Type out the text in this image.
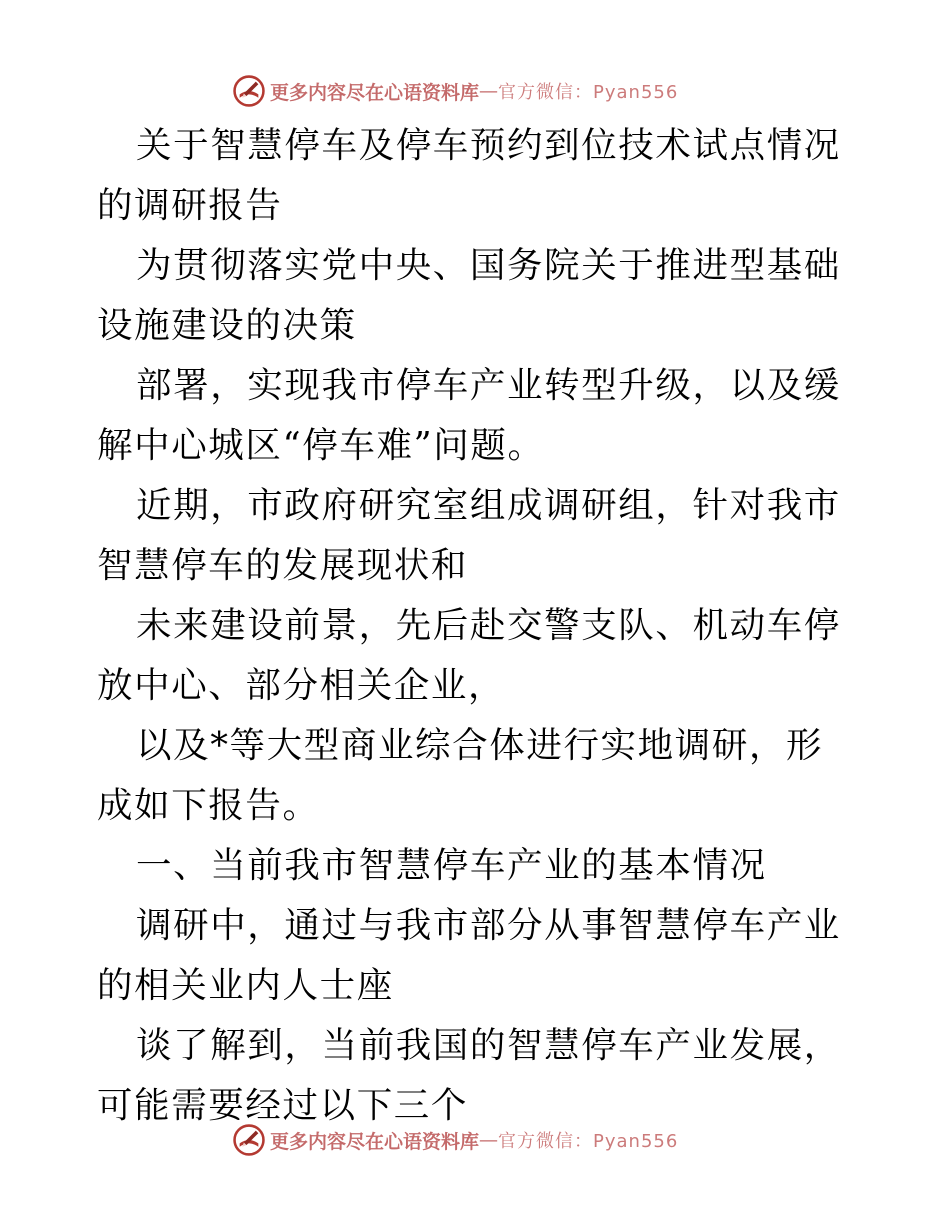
更多内容尽在心语资料库 — 官方微信：Pyan556

关于智慧停车及停车预约到位技术试点情况的调研报告

为贯彻落实党中央、国务院关于推进型基础设施建设的决策

部署，实现我市停车产业转型升级，以及缓解中心城区“停车难”问题。

近期，市政府研究室组成调研组，针对我市智慧停车的发展现状和

未来建设前景，先后赴交警支队、机动车停放中心、部分相关企业，

以及*等大型商业综合体进行实地调研，形成如下报告。

一、当前我市智慧停车产业的基本情况

调研中，通过与我市部分从事智慧停车产业的相关业内人士座

谈了解到，当前我国的智慧停车产业发展，可能需要经过以下三个

更多内容尽在心语资料库 — 官方微信：Pyan556
